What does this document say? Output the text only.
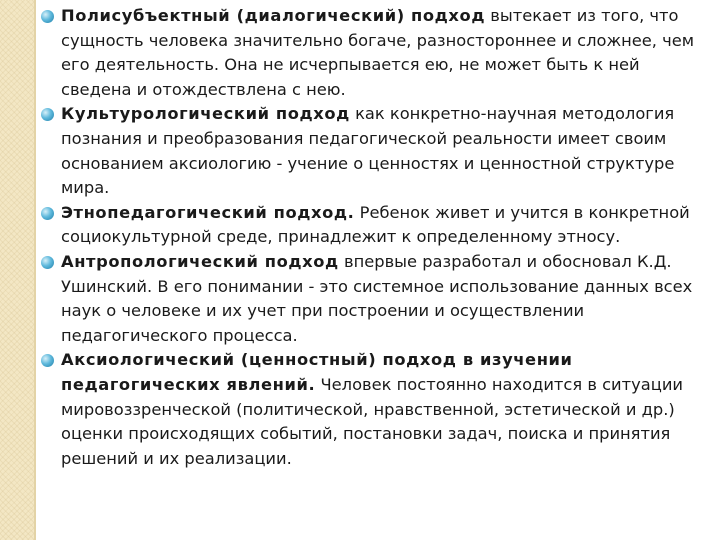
Полисубъектный (диалогический) подход вытекает из того, что сущность человека значительно богаче, разностороннее и сложнее, чем его деятельность. Она не исчерпывается ею, не может быть к ней сведена и отождествлена с нею.
Культурологический подход как конкретно-научная методология познания и преобразования педагогической реальности имеет своим основанием аксиологию - учение о ценностях и ценностной структуре мира.
Этнопедагогический подход. Ребенок живет и учится в конкретной социокультурной среде, принадлежит к определенному этносу.
Антропологический подход впервые разработал и обосновал К.Д. Ушинский. В его понимании - это системное использование данных всех наук о человеке и их учет при построении и осуществлении педагогического процесса.
Аксиологический (ценностный) подход в изучении педагогических явлений. Человек постоянно находится в ситуации мировоззренческой (политической, нравственной, эстетической и др.) оценки происходящих событий, постановки задач, поиска и принятия решений и их реализации.
